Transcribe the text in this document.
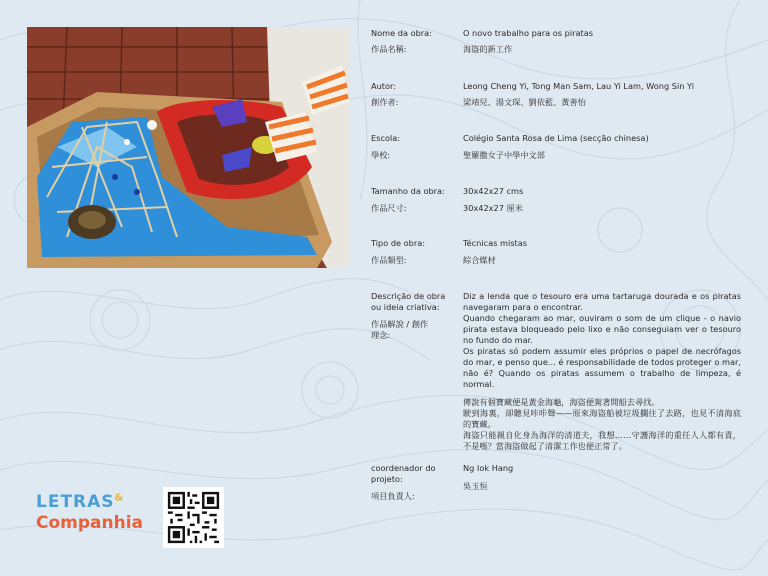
Nome da obra:
作品名稱:
O novo trabalho para os piratas
海盜的新工作
Autor:
創作者:
Leong Cheng Yi, Tong Man Sam, Lau Yi Lam, Wong Sin Yi
梁靖兒、湯文琛、劉依藍、黃善怡
Escola:
學校:
Colégio Santa Rosa de Lima (secção chinesa)
聖羅撒女子中學中文部
Tamanho da obra:
作品尺寸:
30x42x27 cms
30x42x27 厘米
Tipo de obra:
作品類型:
Técnicas mistas
綜合媒材
Descrição de obra ou ideia criativa:
作品解說 / 創作理念:

Diz a lenda que o tesouro era uma tartaruga dourada e os piratas navegaram para o encontrar.

Quando chegaram ao mar, ouviram o som de um clique - o navio pirata estava bloqueado pelo lixo e não conseguiam ver o tesouro no fundo do mar.

Os piratas só podem assumir eles próprios o papel de necrófagos do mar, e penso que... é responsabilidade de todos proteger o mar, não é? Quando os piratas assumem o trabalho de limpeza, é normal.

傳說有個寶藏便是黃金海龜，海盜便駕著開船去尋找。

駛到海裏，卻聽見咔咔聲——原來海盜船被垃圾攔住了去路，也見不清海底的寶藏。

海盜只能親自化身為海洋的清道夫，我想……守護海洋的重任人人都有責，不是嗎？當海盜做起了清潔工作也便正常了。

coordenador do projeto:
項目負責人:
Ng Iok Hang
吳玉恒
LETRAS&
Companhia
